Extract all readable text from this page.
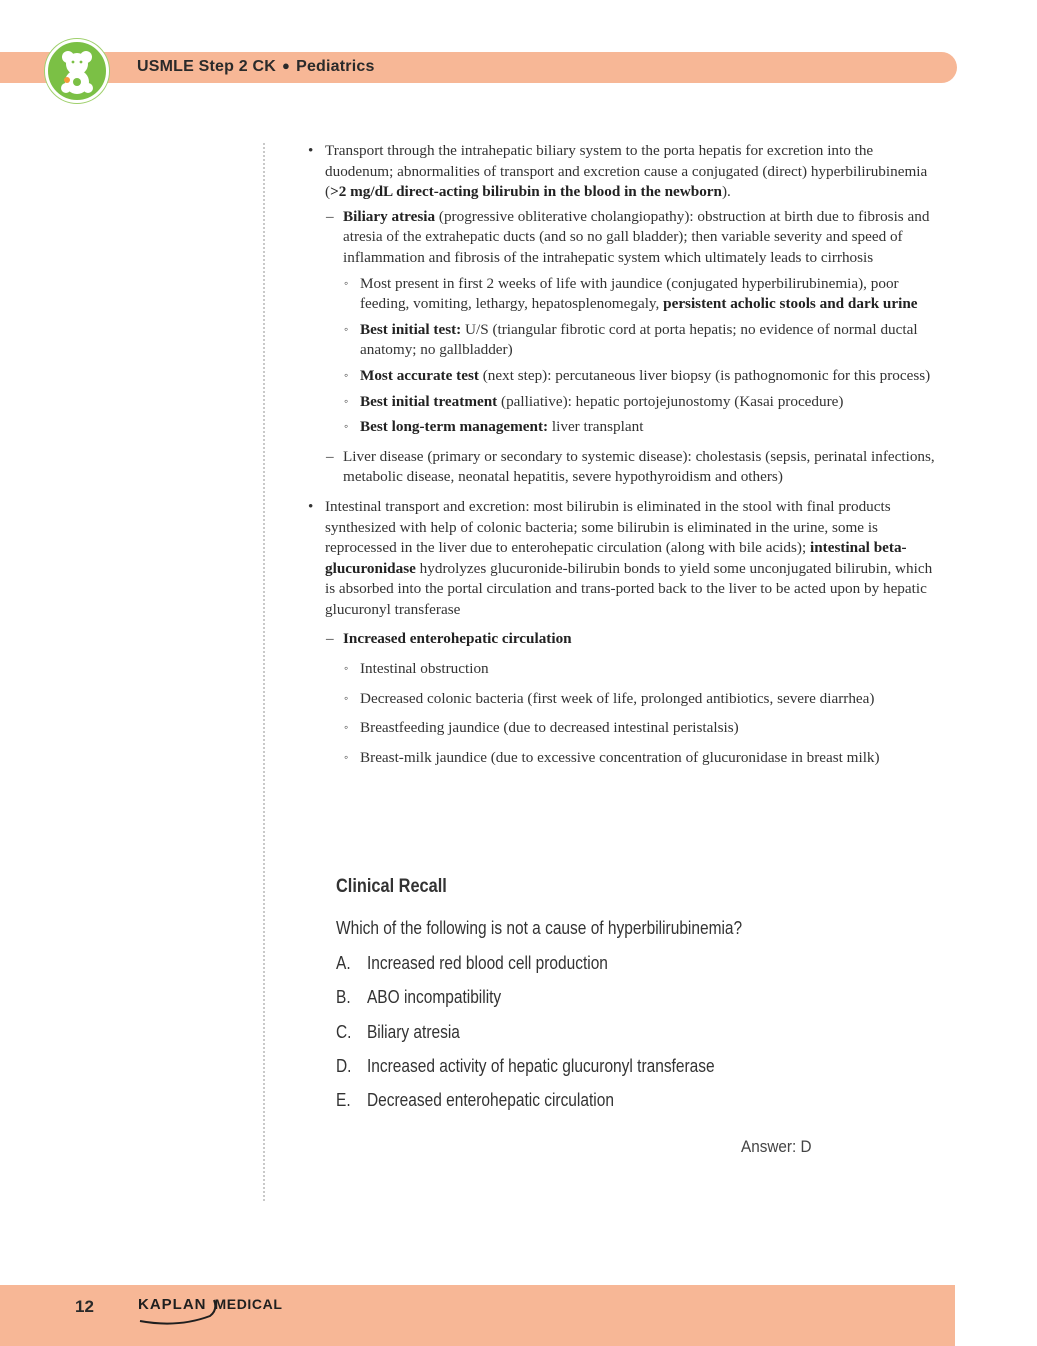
USMLE Step 2 CK ● Pediatrics
• Transport through the intrahepatic biliary system to the porta hepatis for excretion into the duodenum; abnormalities of transport and excretion cause a conjugated (direct) hyperbilirubinemia (>2 mg/dL direct-acting bilirubin in the blood in the newborn).
– Biliary atresia (progressive obliterative cholangiopathy): obstruction at birth due to fibrosis and atresia of the extrahepatic ducts (and so no gall bladder); then variable severity and speed of inflammation and fibrosis of the intrahepatic system which ultimately leads to cirrhosis
◦ Most present in first 2 weeks of life with jaundice (conjugated hyperbilirubinemia), poor feeding, vomiting, lethargy, hepatosplenomegaly, persistent acholic stools and dark urine
◦ Best initial test: U/S (triangular fibrotic cord at porta hepatis; no evidence of normal ductal anatomy; no gallbladder)
◦ Most accurate test (next step): percutaneous liver biopsy (is pathognomonic for this process)
◦ Best initial treatment (palliative): hepatic portojejunostomy (Kasai procedure)
◦ Best long-term management: liver transplant
– Liver disease (primary or secondary to systemic disease): cholestasis (sepsis, perinatal infections, metabolic disease, neonatal hepatitis, severe hypothyroidism and others)
• Intestinal transport and excretion: most bilirubin is eliminated in the stool with final products synthesized with help of colonic bacteria; some bilirubin is eliminated in the urine, some is reprocessed in the liver due to enterohepatic circulation (along with bile acids); intestinal beta-glucuronidase hydrolyzes glucuronide-bilirubin bonds to yield some unconjugated bilirubin, which is absorbed into the portal circulation and trans-ported back to the liver to be acted upon by hepatic glucuronyl transferase
– Increased enterohepatic circulation
◦ Intestinal obstruction
◦ Decreased colonic bacteria (first week of life, prolonged antibiotics, severe diarrhea)
◦ Breastfeeding jaundice (due to decreased intestinal peristalsis)
◦ Breast-milk jaundice (due to excessive concentration of glucuronidase in breast milk)
Clinical Recall
Which of the following is not a cause of hyperbilirubinemia?
A. Increased red blood cell production
B. ABO incompatibility
C. Biliary atresia
D. Increased activity of hepatic glucuronyl transferase
E. Decreased enterohepatic circulation
Answer: D
12	KAPLAN MEDICAL
